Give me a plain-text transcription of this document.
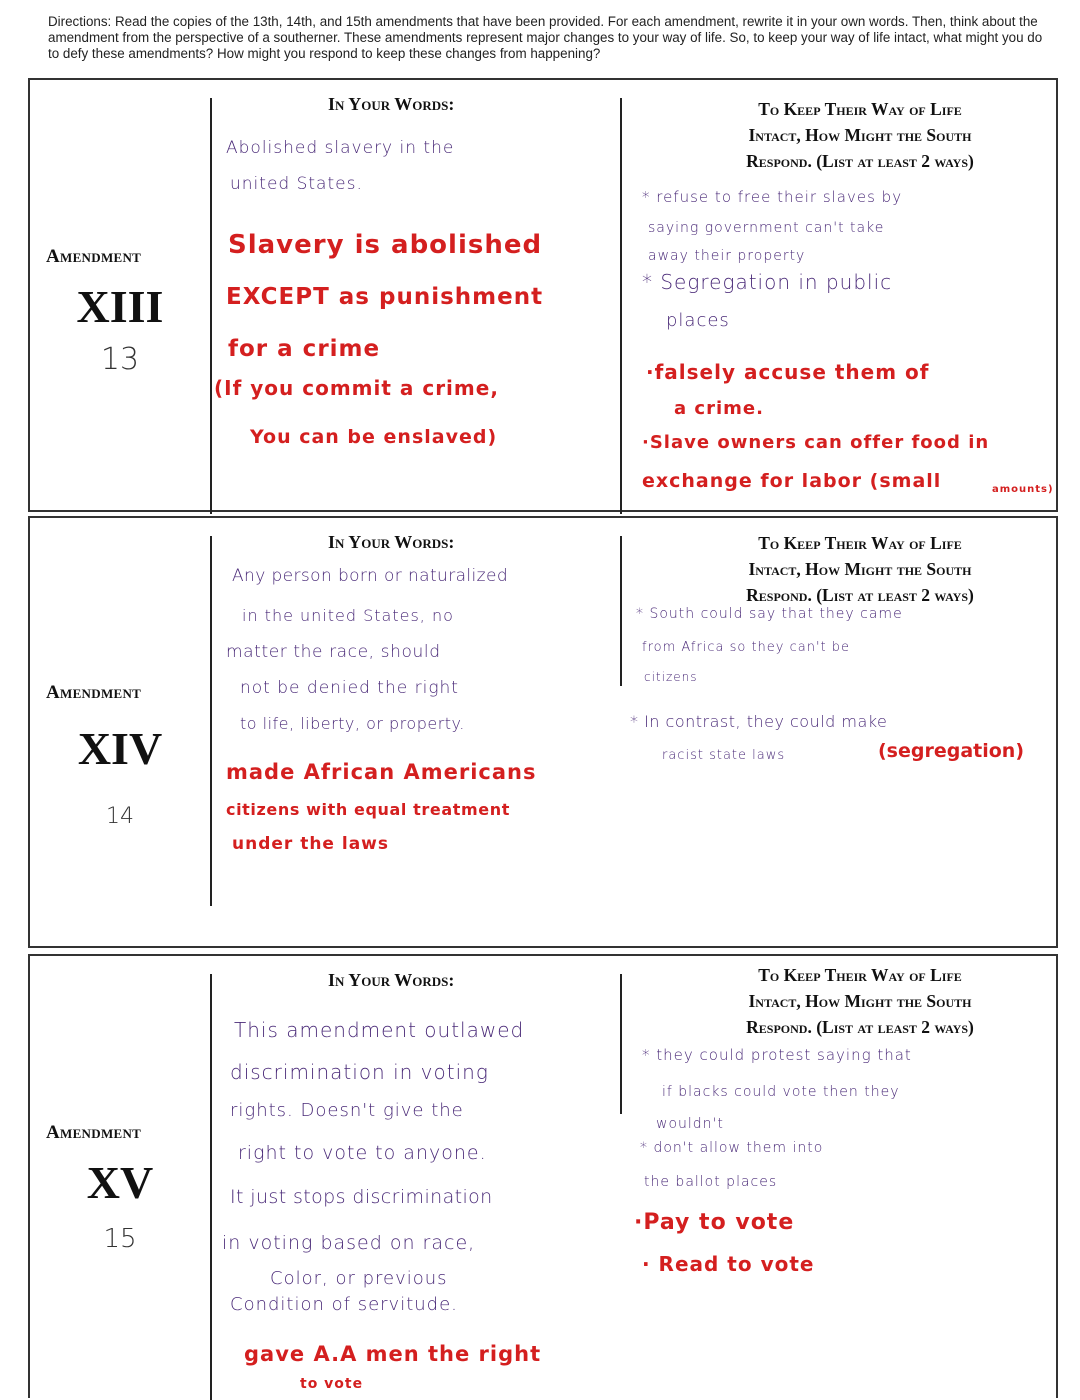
Directions: Read the copies of the 13th, 14th, and 15th amendments that have been provided. For each amendment, rewrite it in your own words. Then, think about the amendment from the perspective of a southerner. These amendments represent major changes to your way of life. So, to keep your way of life intact, what might you do to defy these amendments? How might you respond to keep these changes from happening?
In Your Words:	To Keep Their Way of Life
Intact, How Might the South
Respond. (List at least 2 ways)
Amendment
XIII
13
Abolished slavery in the
united States.
Slavery is abolished
EXCEPT as punishment
for a crime
(If you commit a crime,
You can be enslaved)
* refuse to free their slaves by
saying government can't take
away their property
* Segregation in public
places
·falsely accuse them of
a crime.
·Slave owners can offer food in
exchange for labor (small	amounts)
In Your Words:	To Keep Their Way of Life
Intact, How Might the South
Respond. (List at least 2 ways)
Amendment
XIV
14
Any person born or naturalized
in the united States, no
matter the race, should
not be denied the right
to life, liberty, or property.
made African Americans
citizens with equal treatment
under the laws
* South could say that they came
from Africa so they can't be
citizens
* In contrast, they could make
racist state laws	(segregation)
In Your Words:	To Keep Their Way of Life
Intact, How Might the South
Respond. (List at least 2 ways)
Amendment
XV
15
This amendment outlawed
discrimination in voting
rights. Doesn't give the
right to vote to anyone.
It just stops discrimination
in voting based on race,
Color, or previous
Condition of servitude.
gave A.A men the right
to vote
* they could protest saying that
if blacks could vote then they
wouldn't
* don't allow them into
the ballot places
·Pay to vote
· Read to vote
